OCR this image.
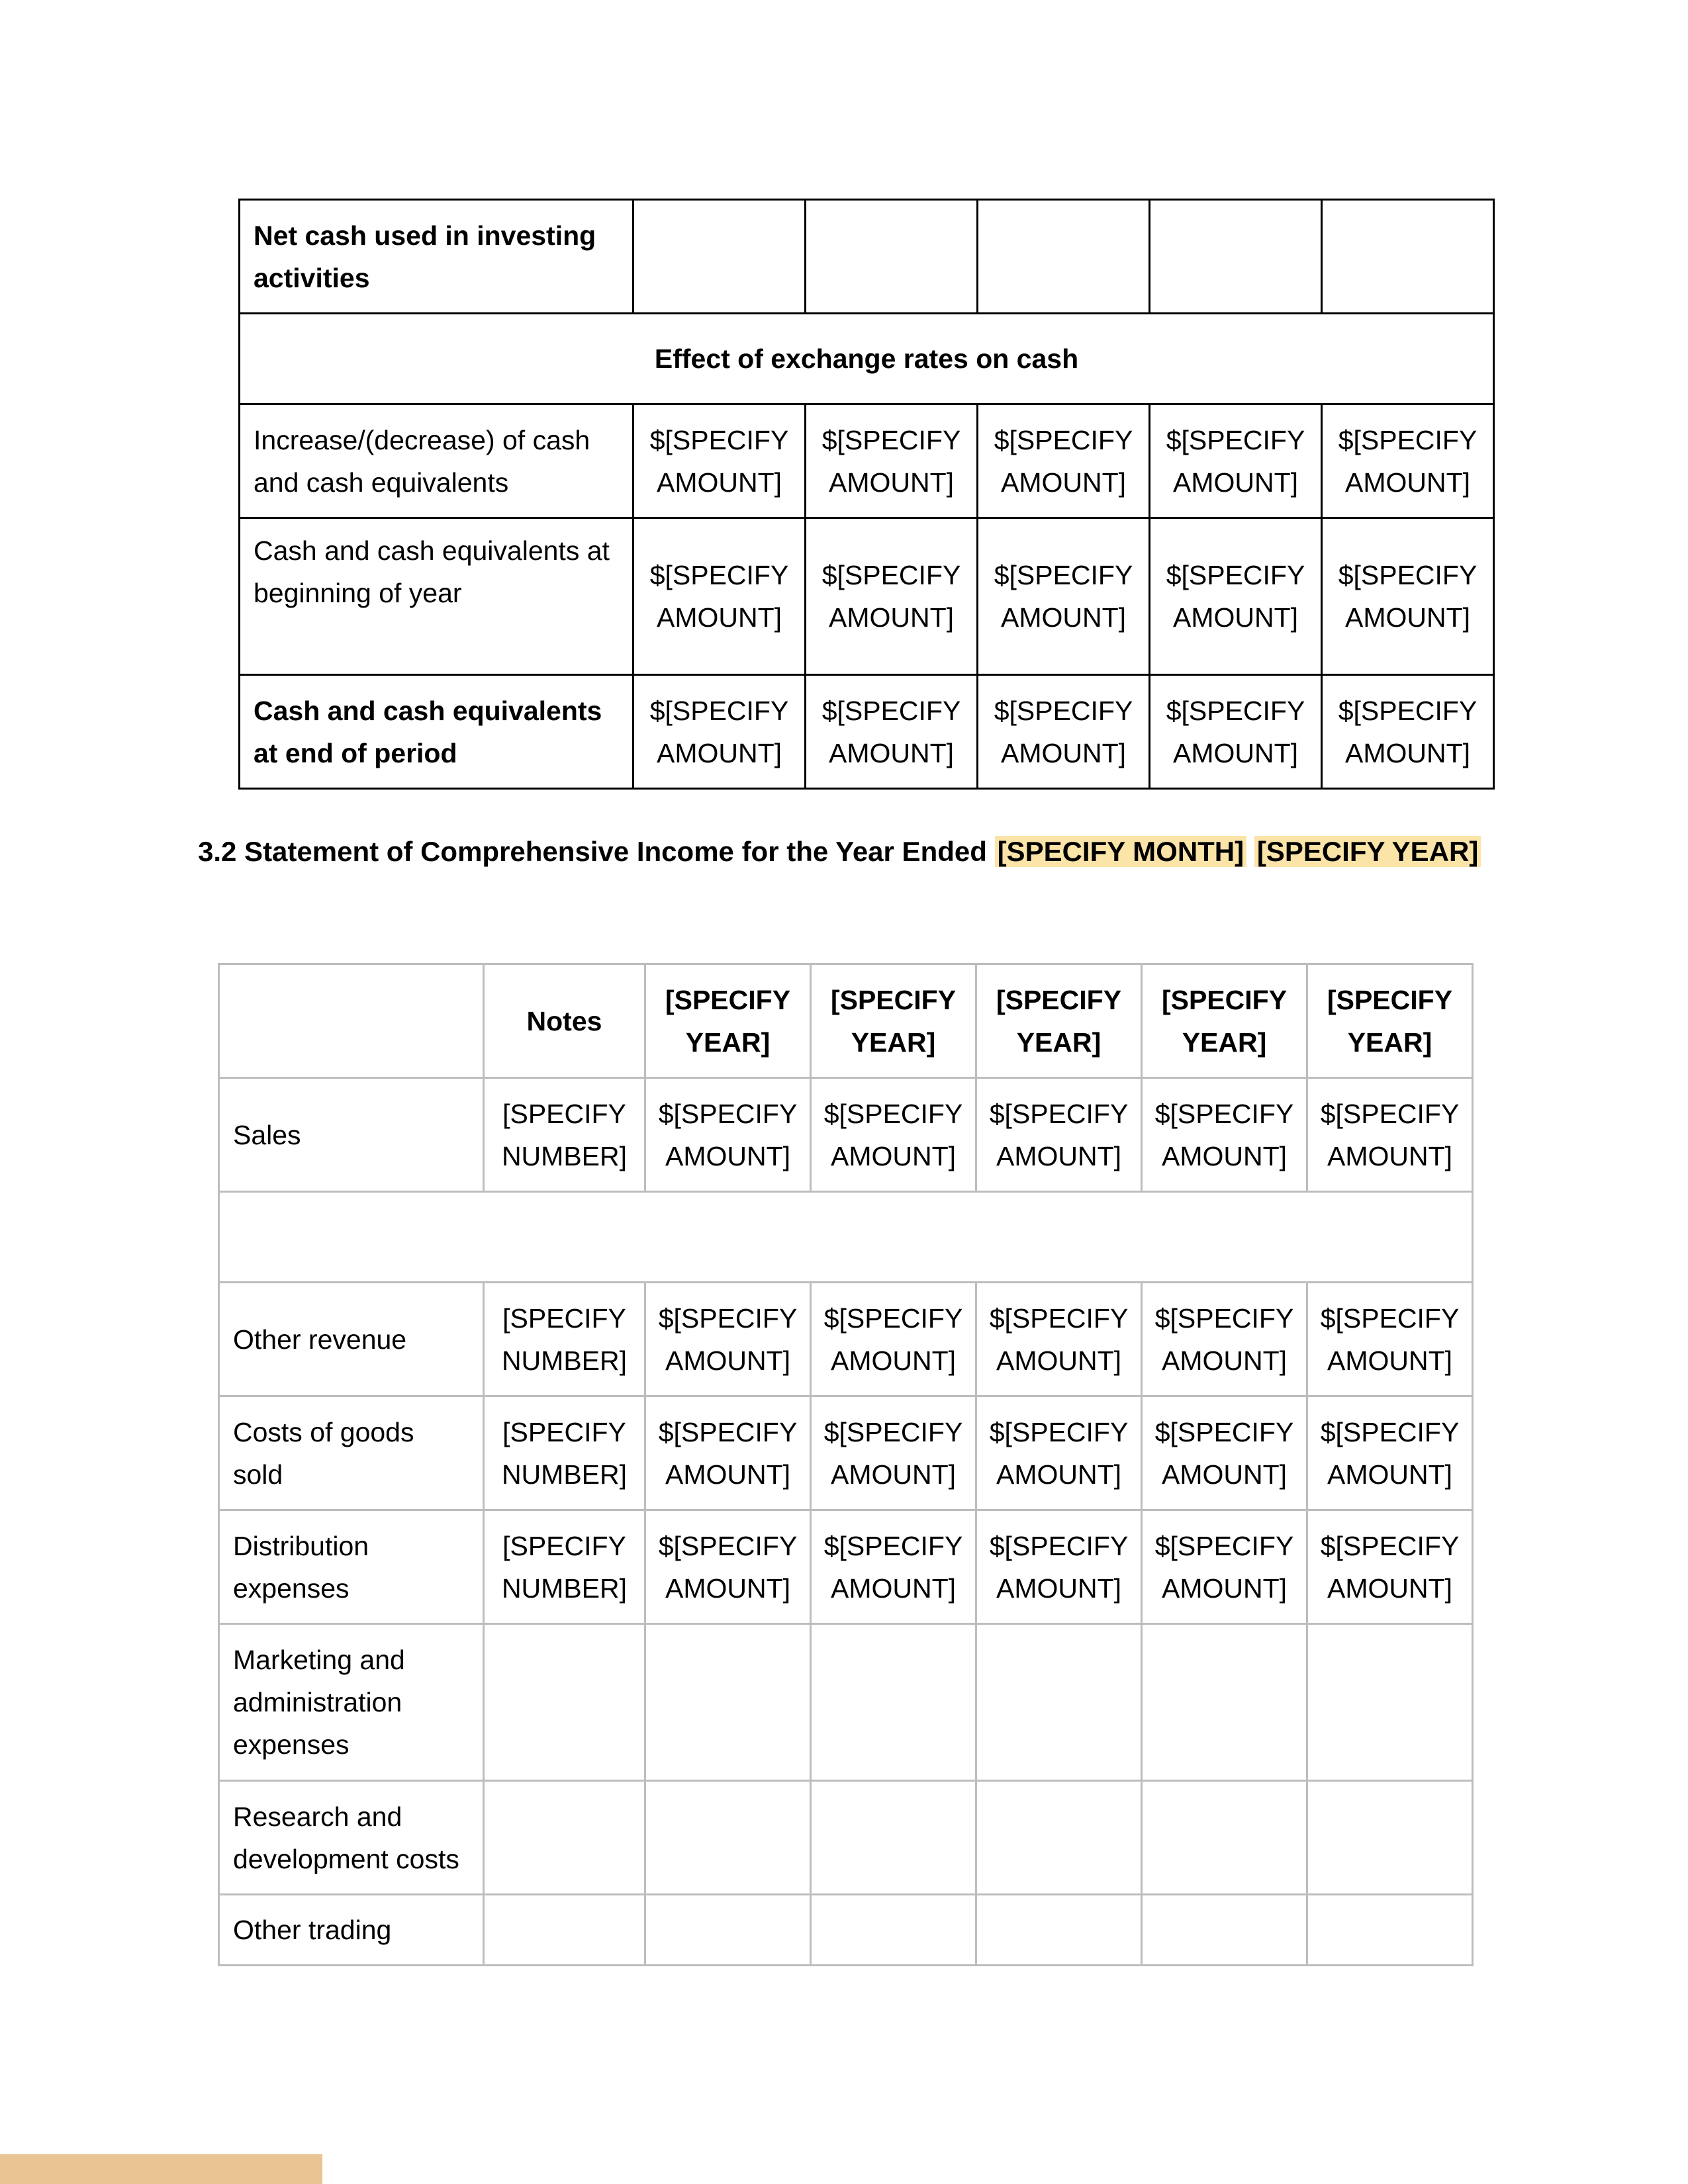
Net cash used in investing activities					
Effect of exchange rates on cash					
Increase/(decrease) of cash and cash equivalents	$[SPECIFY AMOUNT]	$[SPECIFY AMOUNT]	$[SPECIFY AMOUNT]	$[SPECIFY AMOUNT]	$[SPECIFY AMOUNT]
Cash and cash equivalents at beginning of year	$[SPECIFY AMOUNT]	$[SPECIFY AMOUNT]	$[SPECIFY AMOUNT]	$[SPECIFY AMOUNT]	$[SPECIFY AMOUNT]
Cash and cash equivalents at end of period	$[SPECIFY AMOUNT]	$[SPECIFY AMOUNT]	$[SPECIFY AMOUNT]	$[SPECIFY AMOUNT]	$[SPECIFY AMOUNT]
3.2 Statement of Comprehensive Income for the Year Ended [SPECIFY MONTH] [SPECIFY YEAR]
	Notes	[SPECIFY YEAR]	[SPECIFY YEAR]	[SPECIFY YEAR]	[SPECIFY YEAR]	[SPECIFY YEAR]
Sales	[SPECIFY NUMBER]	$[SPECIFY AMOUNT]	$[SPECIFY AMOUNT]	$[SPECIFY AMOUNT]	$[SPECIFY AMOUNT]	$[SPECIFY AMOUNT]

Other revenue	[SPECIFY NUMBER]	$[SPECIFY AMOUNT]	$[SPECIFY AMOUNT]	$[SPECIFY AMOUNT]	$[SPECIFY AMOUNT]	$[SPECIFY AMOUNT]
Costs of goods sold	[SPECIFY NUMBER]	$[SPECIFY AMOUNT]	$[SPECIFY AMOUNT]	$[SPECIFY AMOUNT]	$[SPECIFY AMOUNT]	$[SPECIFY AMOUNT]
Distribution expenses	[SPECIFY NUMBER]	$[SPECIFY AMOUNT]	$[SPECIFY AMOUNT]	$[SPECIFY AMOUNT]	$[SPECIFY AMOUNT]	$[SPECIFY AMOUNT]
Marketing and administration expenses						
Research and development costs						
Other trading						
